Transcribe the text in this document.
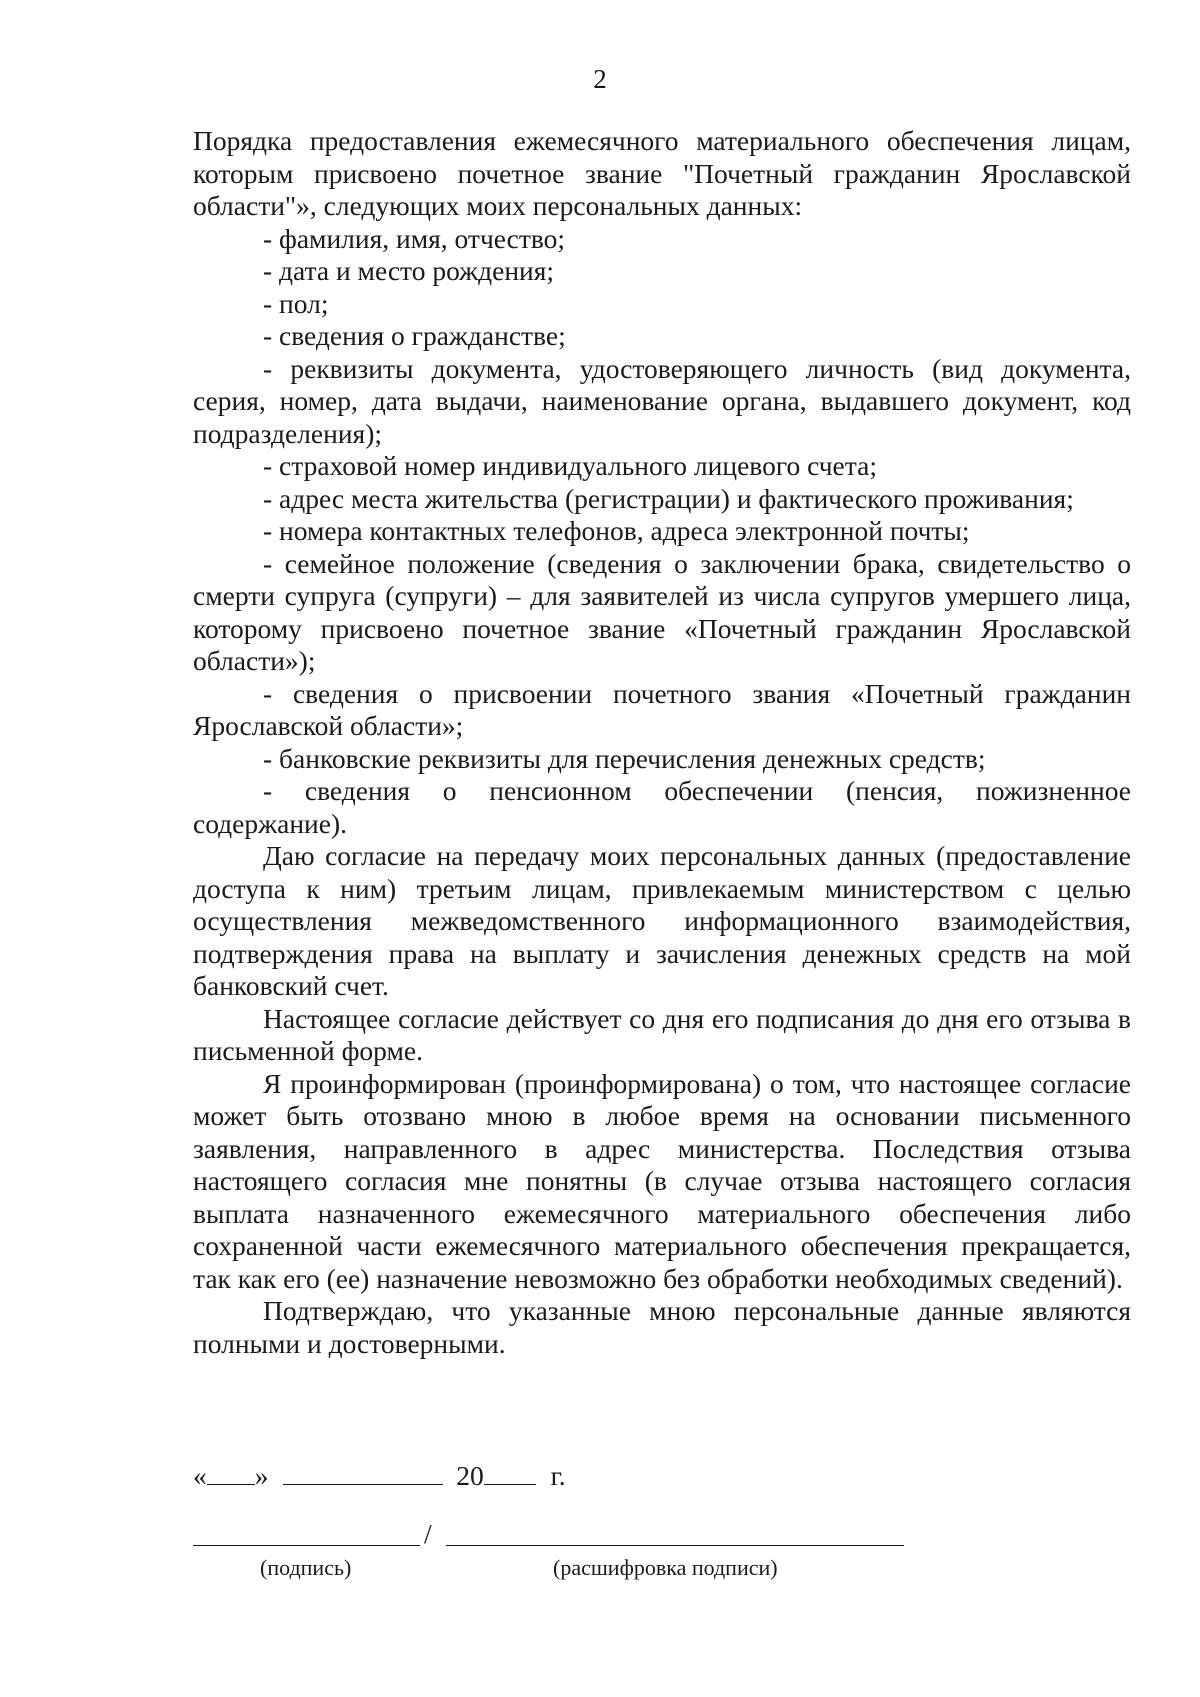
2

Порядка предоставления ежемесячного материального обеспечения лицам, которым присвоено почетное звание "Почетный гражданин Ярославской области"», следующих моих персональных данных:

- фамилия, имя, отчество;

- дата и место рождения;

- пол;

- сведения о гражданстве;

- реквизиты документа, удостоверяющего личность (вид документа, серия, номер, дата выдачи, наименование органа, выдавшего документ, код подразделения);

- страховой номер индивидуального лицевого счета;

- адрес места жительства (регистрации) и фактического проживания;

- номера контактных телефонов, адреса электронной почты;

- семейное положение (сведения о заключении брака, свидетельство о смерти супруга (супруги) – для заявителей из числа супругов умершего лица, которому присвоено почетное звание «Почетный гражданин Ярославской области»);

- сведения о присвоении почетного звания «Почетный гражданин Ярославской области»;

- банковские реквизиты для перечисления денежных средств;

- сведения о пенсионном обеспечении (пенсия, пожизненное содержание).

Даю согласие на передачу моих персональных данных (предоставление доступа к ним) третьим лицам, привлекаемым министерством с целью осуществления межведомственного информационного взаимодействия, подтверждения права на выплату и зачисления денежных средств на мой банковский счет.

Настоящее согласие действует со дня его подписания до дня его отзыва в письменной форме.

Я проинформирован (проинформирована) о том, что настоящее согласие может быть отозвано мною в любое время на основании письменного заявления, направленного в адрес министерства. Последствия отзыва настоящего согласия мне понятны (в случае отзыва настоящего согласия выплата назначенного ежемесячного материального обеспечения либо сохраненной части ежемесячного материального обеспечения прекращается, так как его (ее) назначение невозможно без обработки необходимых сведений).

Подтверждаю, что указанные мною персональные данные являются полными и достоверными.

« »	20 г.
/
(подпись)	(расшифровка подписи)
